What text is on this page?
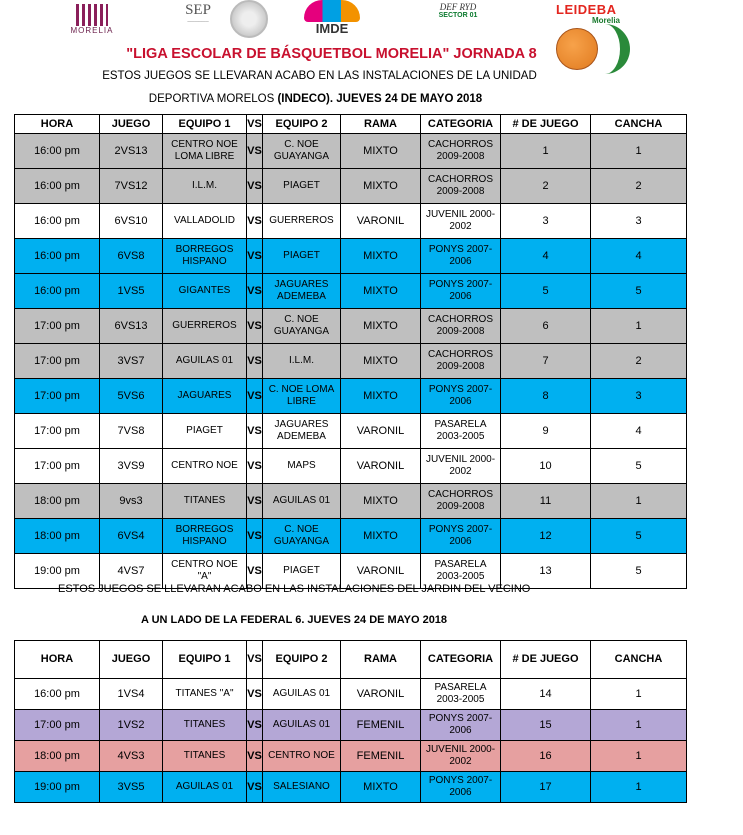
MORELIA
SEP
──────	IMDE
DEF RYD
SECTOR 01	LEIDEBA
Morelia
"LIGA ESCOLAR DE BÁSQUETBOL MORELIA" JORNADA 8
ESTOS JUEGOS SE LLEVARAN ACABO EN LAS INSTALACIONES DE LA UNIDAD
DEPORTIVA MORELOS (INDECO). JUEVES 24 DE MAYO 2018
HORA	JUEGO	EQUIPO 1	VS	EQUIPO 2	RAMA	CATEGORIA	# DE JUEGO	CANCHA
16:00 pm	2VS13	CENTRO NOE LOMA LIBRE	VS	C. NOE GUAYANGA	MIXTO	CACHORROS 2009-2008	1	1
16:00 pm	7VS12	I.L.M.	VS	PIAGET	MIXTO	CACHORROS 2009-2008	2	2
16:00 pm	6VS10	VALLADOLID	VS	GUERREROS	VARONIL	JUVENIL 2000-2002	3	3
16:00 pm	6VS8	BORREGOS HISPANO	VS	PIAGET	MIXTO	PONYS 2007-2006	4	4
16:00 pm	1VS5	GIGANTES	VS	JAGUARES ADEMEBA	MIXTO	PONYS 2007-2006	5	5
17:00 pm	6VS13	GUERREROS	VS	C. NOE GUAYANGA	MIXTO	CACHORROS 2009-2008	6	1
17:00 pm	3VS7	AGUILAS 01	VS	I.L.M.	MIXTO	CACHORROS 2009-2008	7	2
17:00 pm	5VS6	JAGUARES	VS	C. NOE LOMA LIBRE	MIXTO	PONYS 2007-2006	8	3
17:00 pm	7VS8	PIAGET	VS	JAGUARES ADEMEBA	VARONIL	PASARELA 2003-2005	9	4
17:00 pm	3VS9	CENTRO NOE	VS	MAPS	VARONIL	JUVENIL 2000-2002	10	5
18:00 pm	9vs3	TITANES	VS	AGUILAS 01	MIXTO	CACHORROS 2009-2008	11	1
18:00 pm	6VS4	BORREGOS HISPANO	VS	C. NOE GUAYANGA	MIXTO	PONYS 2007-2006	12	5
19:00 pm	4VS7	CENTRO NOE "A"	VS	PIAGET	VARONIL	PASARELA 2003-2005	13	5
ESTOS JUEGOS SE LLEVARAN ACABO EN LAS INSTALACIONES DEL JARDIN DEL VECINO
A UN LADO DE LA FEDERAL 6. JUEVES 24 DE MAYO 2018
HORA	JUEGO	EQUIPO 1	VS	EQUIPO 2	RAMA	CATEGORIA	# DE JUEGO	CANCHA
16:00 pm	1VS4	TITANES "A"	VS	AGUILAS 01	VARONIL	PASARELA 2003-2005	14	1
17:00 pm	1VS2	TITANES	VS	AGUILAS 01	FEMENIL	PONYS 2007-2006	15	1
18:00 pm	4VS3	TITANES	VS	CENTRO NOE	FEMENIL	JUVENIL 2000-2002	16	1
19:00 pm	3VS5	AGUILAS 01	VS	SALESIANO	MIXTO	PONYS 2007-2006	17	1
